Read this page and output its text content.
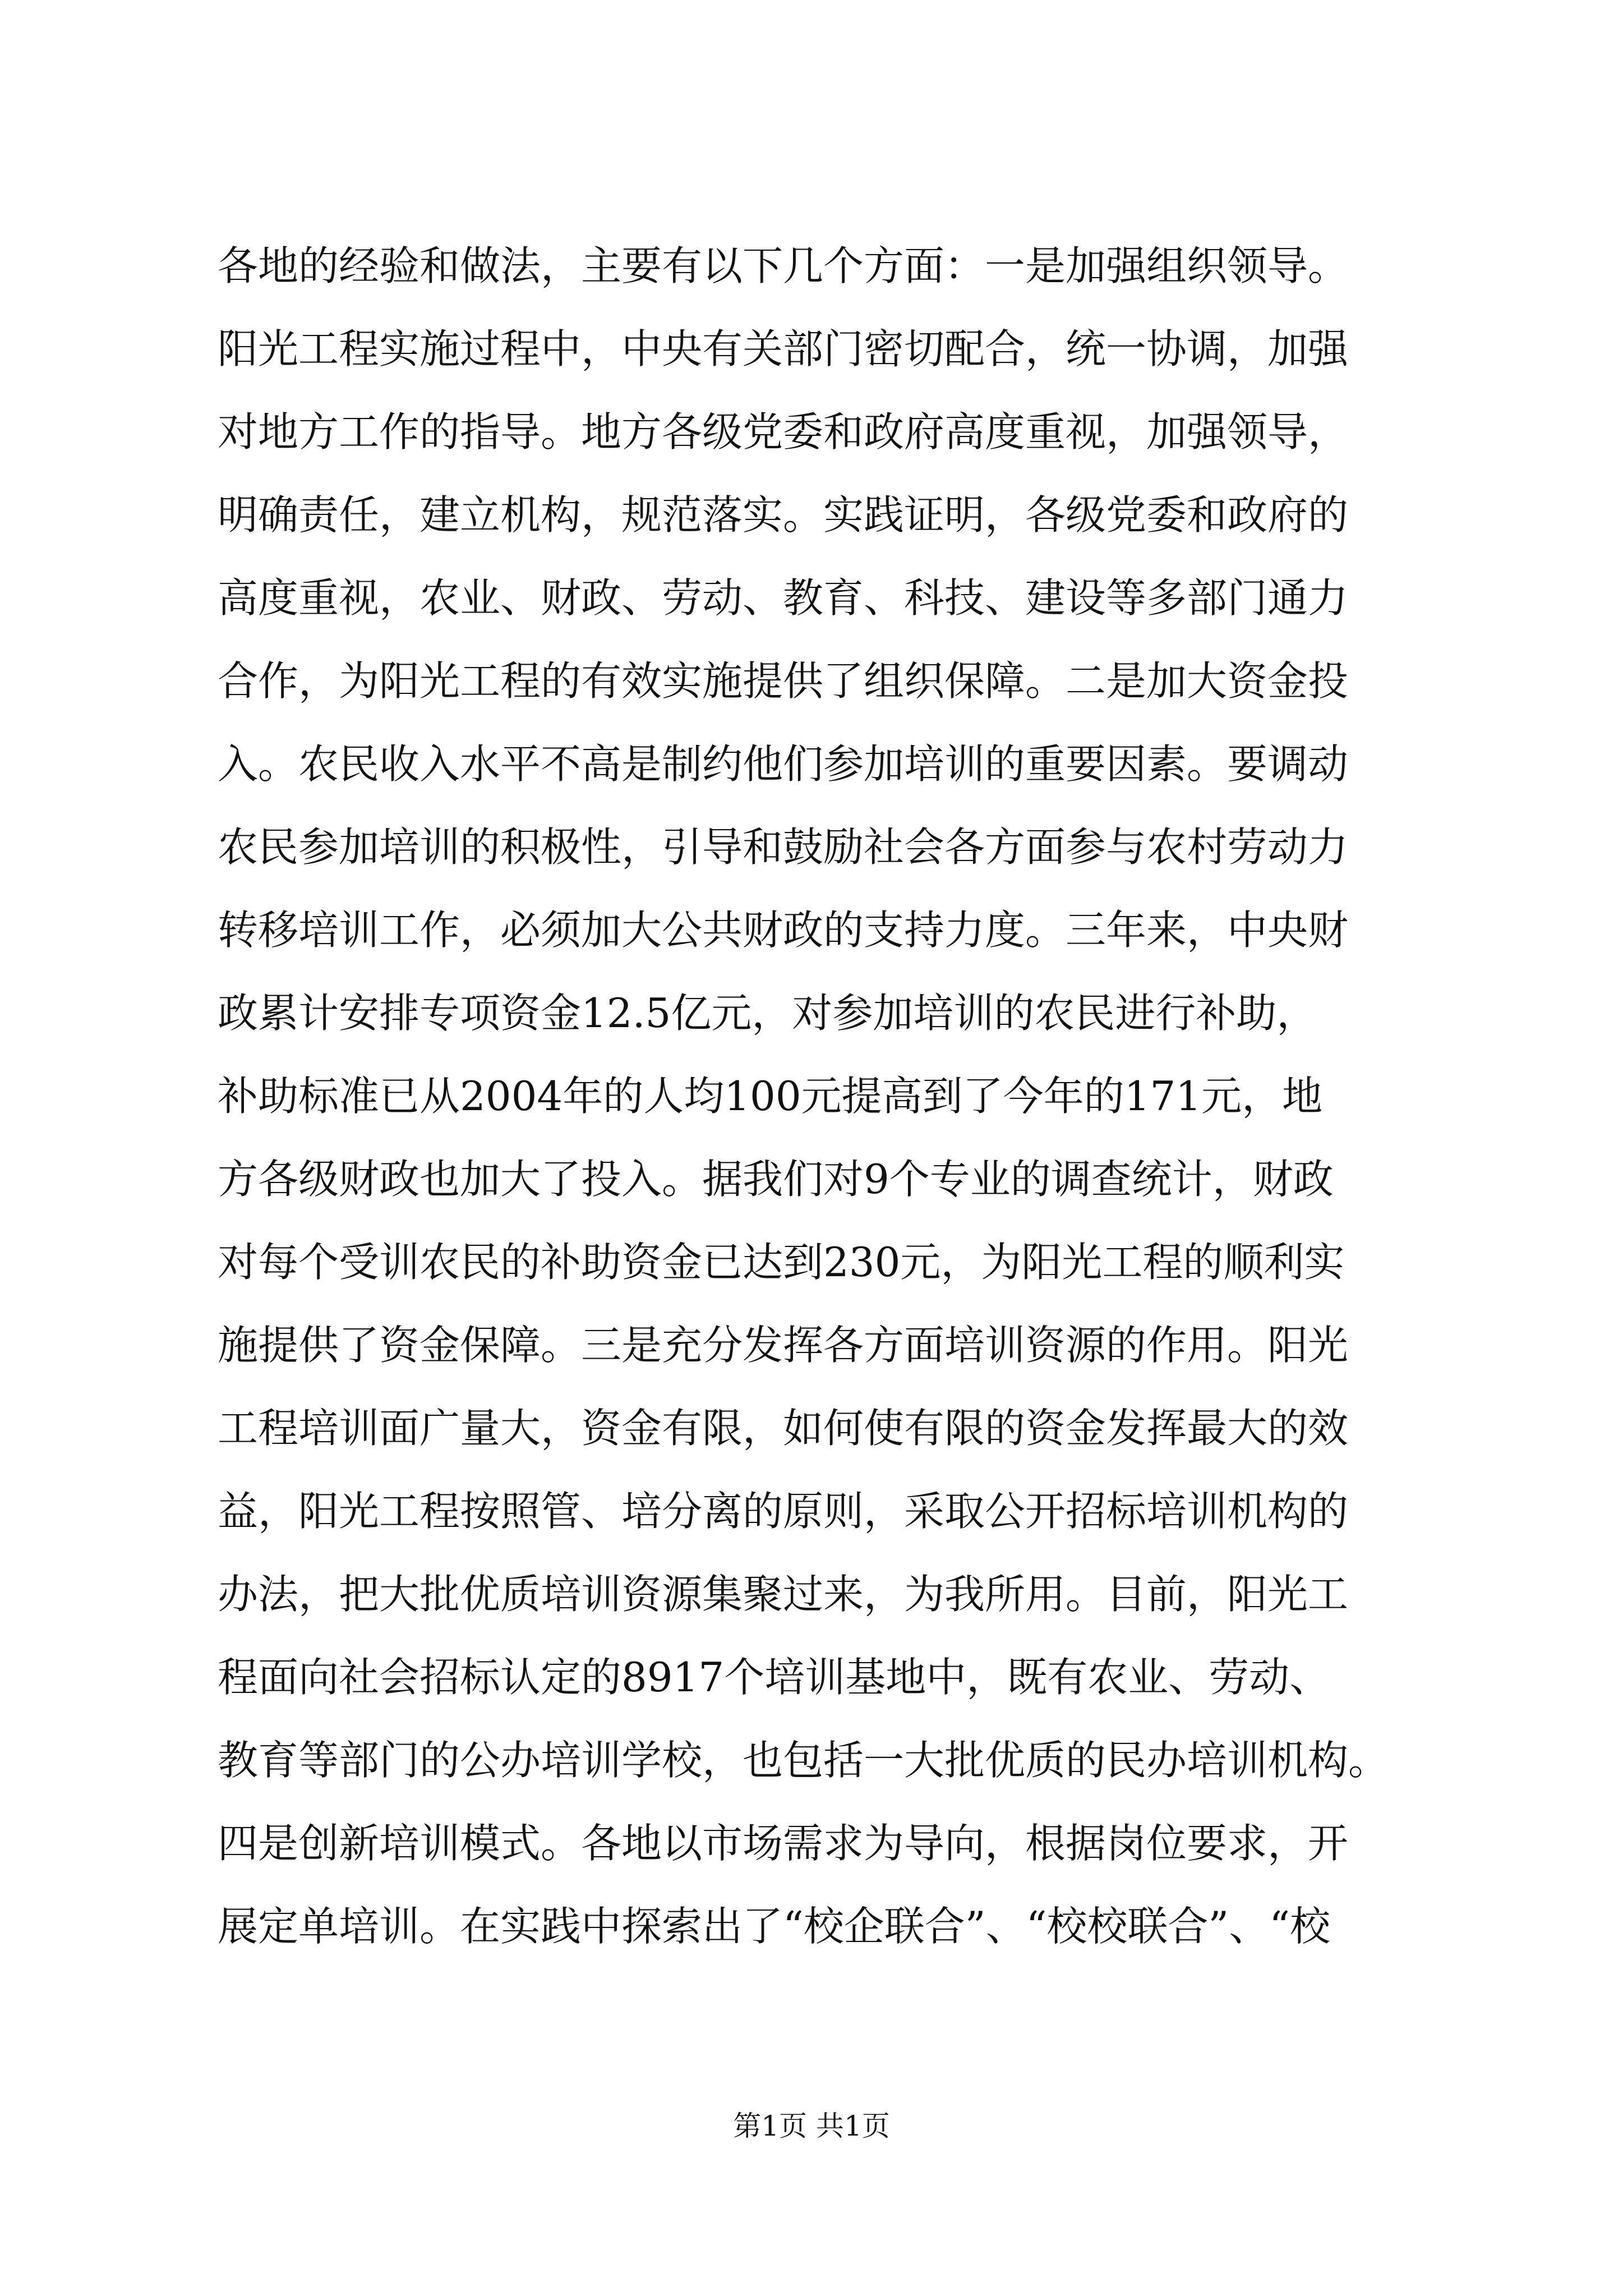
各地的经验和做法，主要有以下几个方面：一是加强组织领导。
阳光工程实施过程中，中央有关部门密切配合，统一协调，加强
对地方工作的指导。地方各级党委和政府高度重视，加强领导，
明确责任，建立机构，规范落实。实践证明，各级党委和政府的
高度重视，农业、财政、劳动、教育、科技、建设等多部门通力
合作，为阳光工程的有效实施提供了组织保障。二是加大资金投
入。农民收入水平不高是制约他们参加培训的重要因素。要调动
农民参加培训的积极性，引导和鼓励社会各方面参与农村劳动力
转移培训工作，必须加大公共财政的支持力度。三年来，中央财
政累计安排专项资金12.5亿元，对参加培训的农民进行补助，
补助标准已从2004年的人均100元提高到了今年的171元，地
方各级财政也加大了投入。据我们对9个专业的调查统计，财政
对每个受训农民的补助资金已达到230元，为阳光工程的顺利实
施提供了资金保障。三是充分发挥各方面培训资源的作用。阳光
工程培训面广量大，资金有限，如何使有限的资金发挥最大的效
益，阳光工程按照管、培分离的原则，采取公开招标培训机构的
办法，把大批优质培训资源集聚过来，为我所用。目前，阳光工
程面向社会招标认定的8917个培训基地中，既有农业、劳动、
教育等部门的公办培训学校，也包括一大批优质的民办培训机构。
四是创新培训模式。各地以市场需求为导向，根据岗位要求，开
展定单培训。在实践中探索出了“校企联合”、“校校联合”、“校
第1页 共1页
